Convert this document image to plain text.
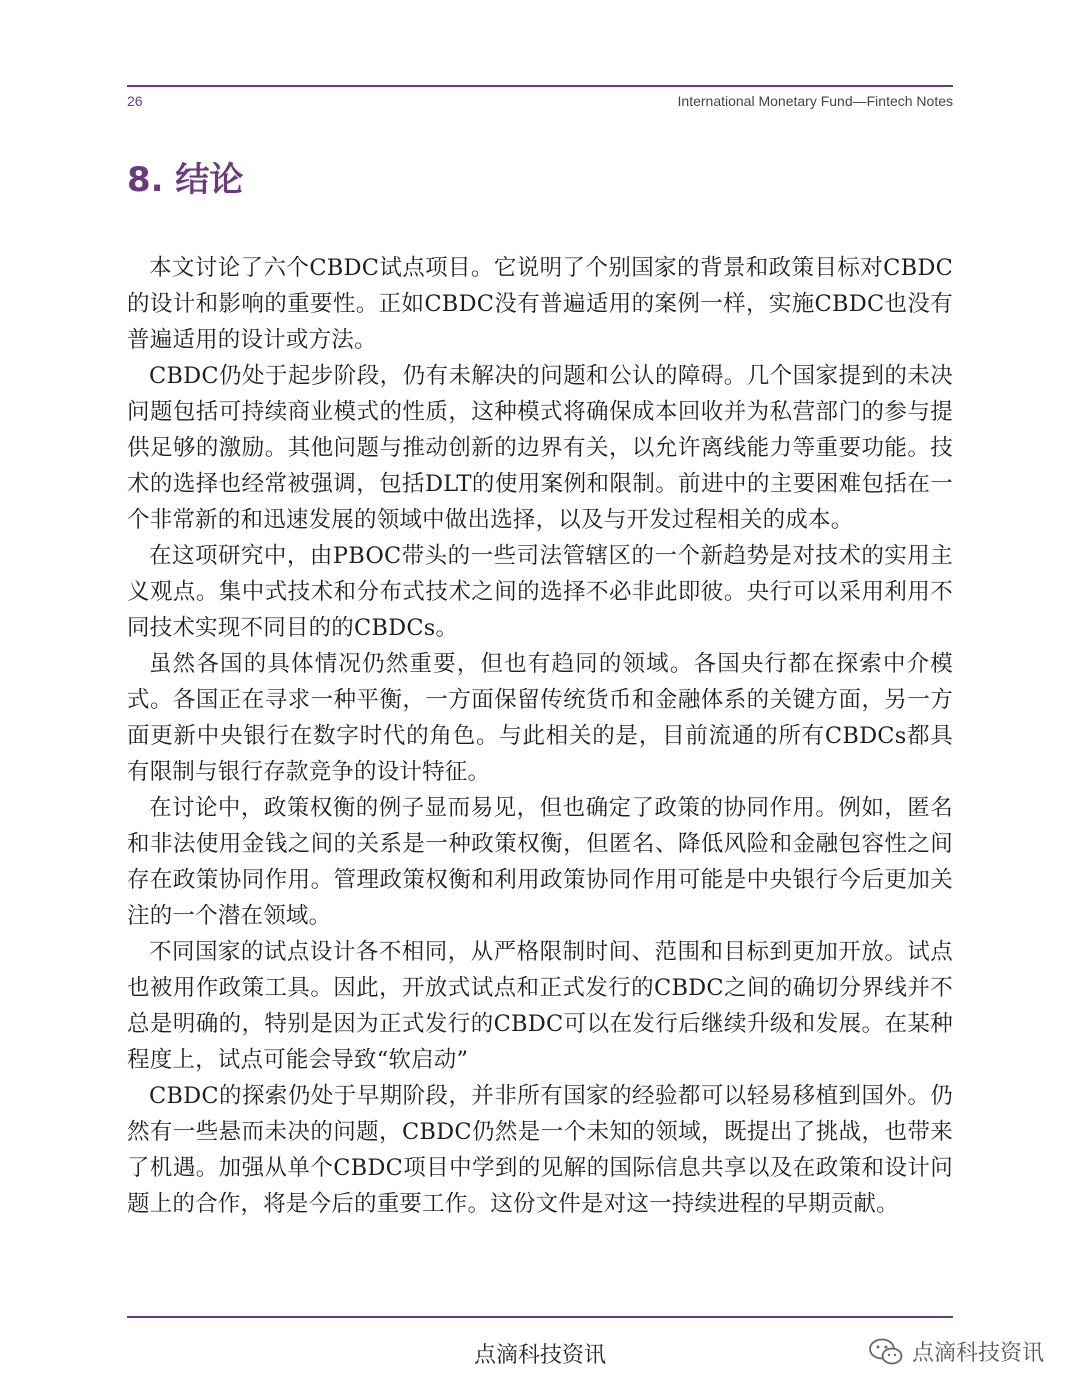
26	International Monetary Fund—Fintech Notes
8. 结论

本文讨论了六个CBDC试点项目。它说明了个别国家的背景和政策目标对CBDC的设计和影响的重要性。正如CBDC没有普遍适用的案例一样，实施CBDC也没有普遍适用的设计或方法。

CBDC仍处于起步阶段，仍有未解决的问题和公认的障碍。几个国家提到的未决问题包括可持续商业模式的性质，这种模式将确保成本回收并为私营部门的参与提供足够的激励。其他问题与推动创新的边界有关，以允许离线能力等重要功能。技术的选择也经常被强调，包括DLT的使用案例和限制。前进中的主要困难包括在一个非常新的和迅速发展的领域中做出选择，以及与开发过程相关的成本。

在这项研究中，由PBOC带头的一些司法管辖区的一个新趋势是对技术的实用主义观点。集中式技术和分布式技术之间的选择不必非此即彼。央行可以采用利用不同技术实现不同目的的CBDCs。

虽然各国的具体情况仍然重要，但也有趋同的领域。各国央行都在探索中介模式。各国正在寻求一种平衡，一方面保留传统货币和金融体系的关键方面，另一方面更新中央银行在数字时代的角色。与此相关的是，目前流通的所有CBDCs都具有限制与银行存款竞争的设计特征。

在讨论中，政策权衡的例子显而易见，但也确定了政策的协同作用。例如，匿名和非法使用金钱之间的关系是一种政策权衡，但匿名、降低风险和金融包容性之间存在政策协同作用。管理政策权衡和利用政策协同作用可能是中央银行今后更加关注的一个潜在领域。

不同国家的试点设计各不相同，从严格限制时间、范围和目标到更加开放。试点也被用作政策工具。因此，开放式试点和正式发行的CBDC之间的确切分界线并不总是明确的，特别是因为正式发行的CBDC可以在发行后继续升级和发展。在某种程度上，试点可能会导致“软启动”

CBDC的探索仍处于早期阶段，并非所有国家的经验都可以轻易移植到国外。仍然有一些悬而未决的问题，CBDC仍然是一个未知的领域，既提出了挑战，也带来了机遇。加强从单个CBDC项目中学到的见解的国际信息共享以及在政策和设计问题上的合作，将是今后的重要工作。这份文件是对这一持续进程的早期贡献。

点滴科技资讯	点滴科技资讯
